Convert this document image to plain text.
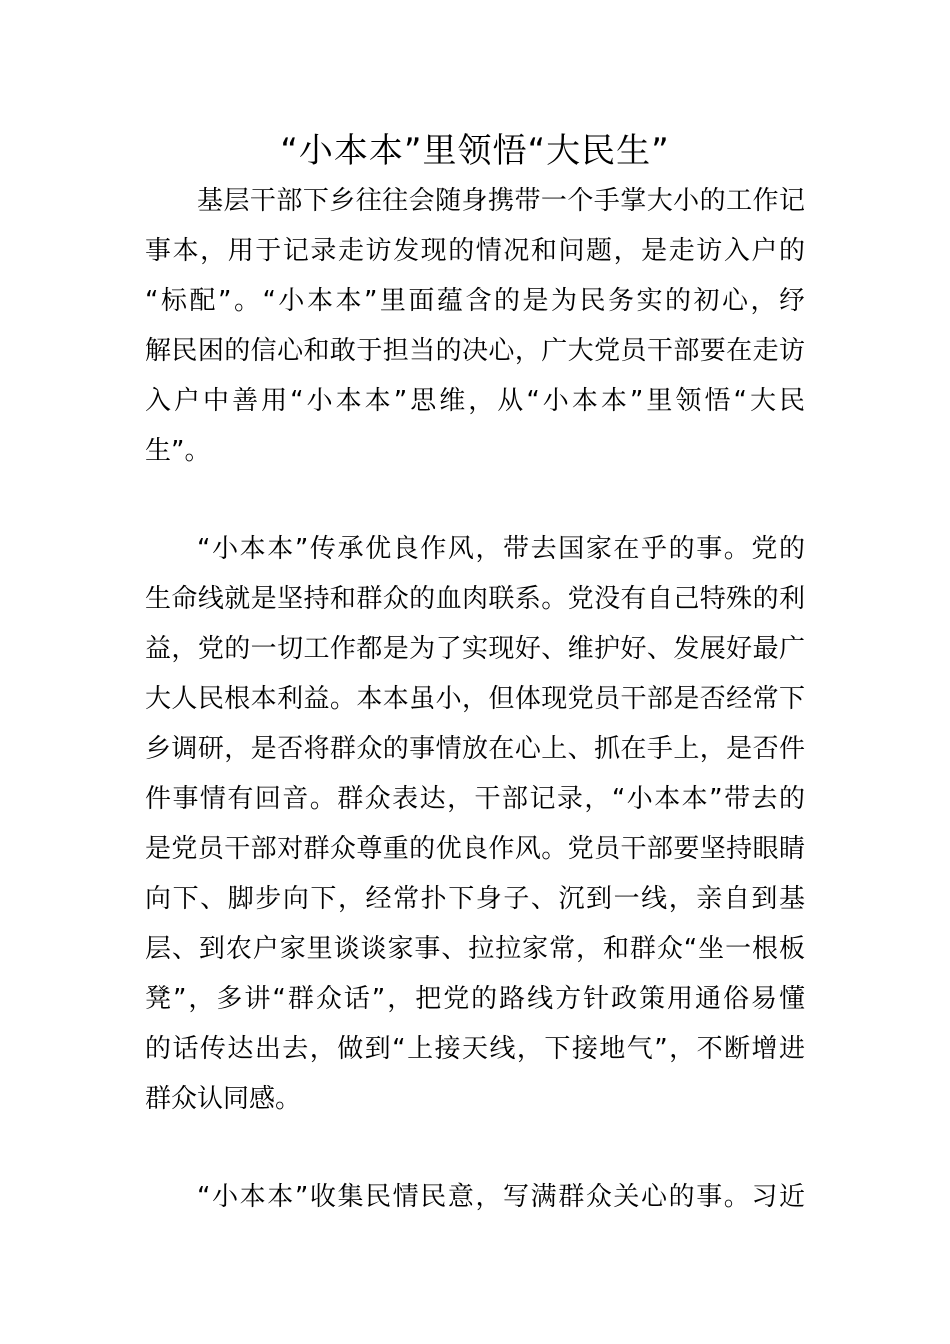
“小本本”里领悟“大民生”
基层干部下乡往往会随身携带一个手掌大小的工作记
事本，用于记录走访发现的情况和问题，是走访入户的
“标配”。“小本本”里面蕴含的是为民务实的初心，纾
解民困的信心和敢于担当的决心，广大党员干部要在走访
入户中善用“小本本”思维，从“小本本”里领悟“大民
生”。
“小本本”传承优良作风，带去国家在乎的事。党的
生命线就是坚持和群众的血肉联系。党没有自己特殊的利
益，党的一切工作都是为了实现好、维护好、发展好最广
大人民根本利益。本本虽小，但体现党员干部是否经常下
乡调研，是否将群众的事情放在心上、抓在手上，是否件
件事情有回音。群众表达，干部记录，“小本本”带去的
是党员干部对群众尊重的优良作风。党员干部要坚持眼睛
向下、脚步向下，经常扑下身子、沉到一线，亲自到基
层、到农户家里谈谈家事、拉拉家常，和群众“坐一根板
凳”，多讲“群众话”，把党的路线方针政策用通俗易懂
的话传达出去，做到“上接天线，下接地气”，不断增进
群众认同感。
“小本本”收集民情民意，写满群众关心的事。习近
